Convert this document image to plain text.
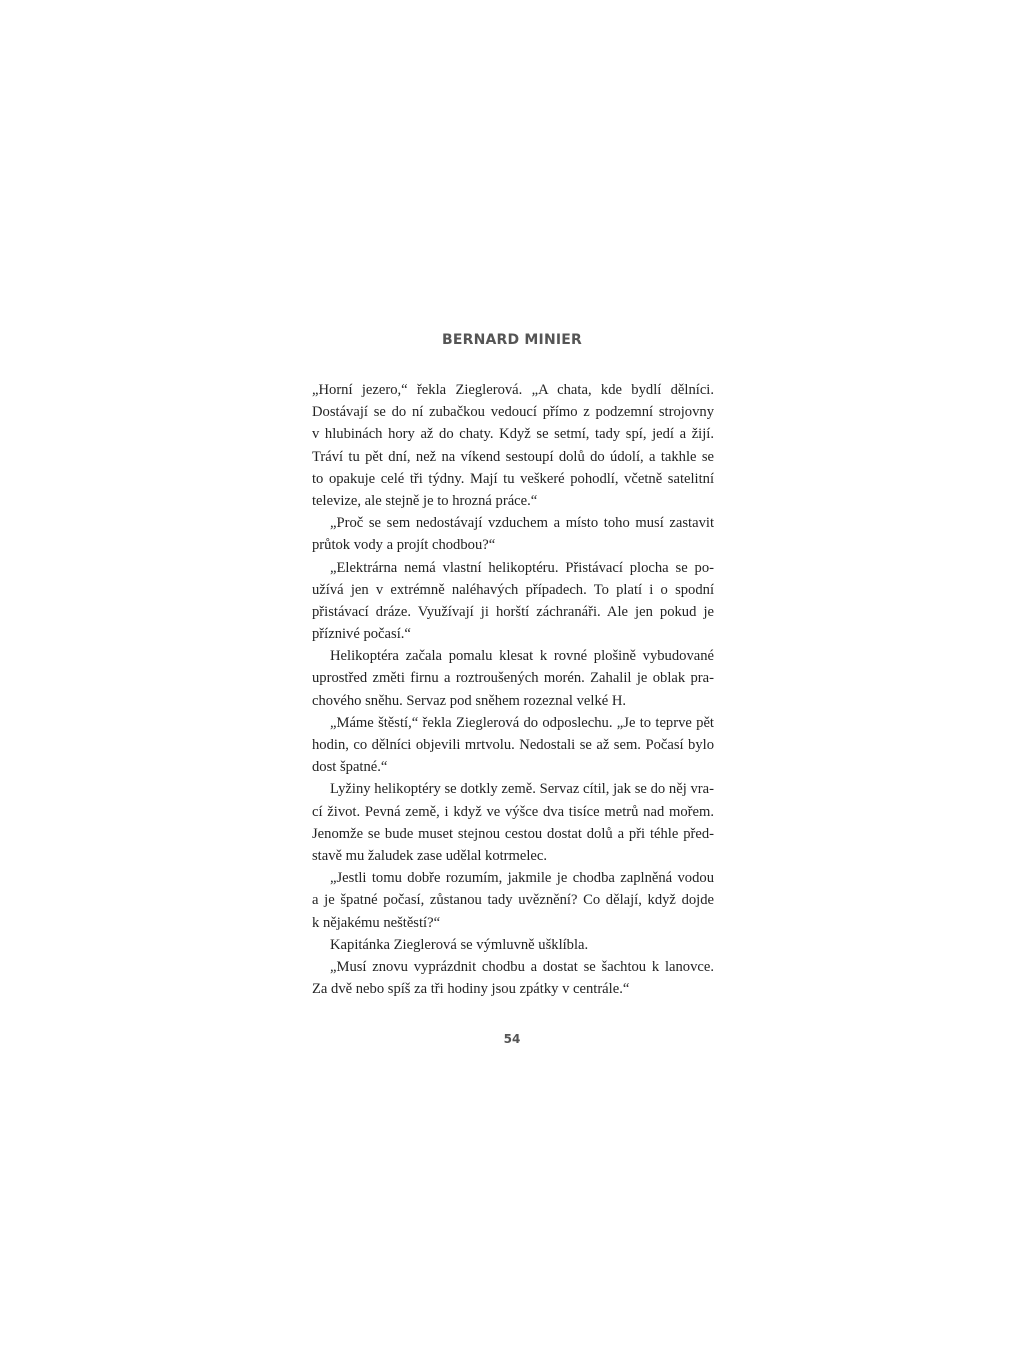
BERNARD MINIER
„Horní jezero,“ řekla Zieglerová. „A chata, kde bydlí dělníci.
Dostávají se do ní zubačkou vedoucí přímo z podzemní strojovny
v hlubinách hory až do chaty. Když se setmí, tady spí, jedí a žijí.
Tráví tu pět dní, než na víkend sestoupí dolů do údolí, a takhle se
to opakuje celé tři týdny. Mají tu veškeré pohodlí, včetně satelitní
televize, ale stejně je to hrozná práce.“
„Proč se sem nedostávají vzduchem a místo toho musí zastavit
průtok vody a projít chodbou?“
„Elektrárna nemá vlastní helikoptéru. Přistávací plocha se po-
užívá jen v extrémně naléhavých případech. To platí i o spodní
přistávací dráze. Využívají ji horští záchranáři. Ale jen pokud je
příznivé počasí.“
Helikoptéra začala pomalu klesat k rovné plošině vybudované
uprostřed změti firnu a roztroušených morén. Zahalil je oblak pra-
chového sněhu. Servaz pod sněhem rozeznal velké H.
„Máme štěstí,“ řekla Zieglerová do odposlechu. „Je to teprve pět
hodin, co dělníci objevili mrtvolu. Nedostali se až sem. Počasí bylo
dost špatné.“
Lyžiny helikoptéry se dotkly země. Servaz cítil, jak se do něj vra-
cí život. Pevná země, i když ve výšce dva tisíce metrů nad mořem.
Jenomže se bude muset stejnou cestou dostat dolů a při téhle před-
stavě mu žaludek zase udělal kotrmelec.
„Jestli tomu dobře rozumím, jakmile je chodba zaplněná vodou
a je špatné počasí, zůstanou tady uvěznění? Co dělají, když dojde
k nějakému neštěstí?“
Kapitánka Zieglerová se výmluvně ušklíbla.
„Musí znovu vyprázdnit chodbu a dostat se šachtou k lanovce.
Za dvě nebo spíš za tři hodiny jsou zpátky v centrále.“
54
